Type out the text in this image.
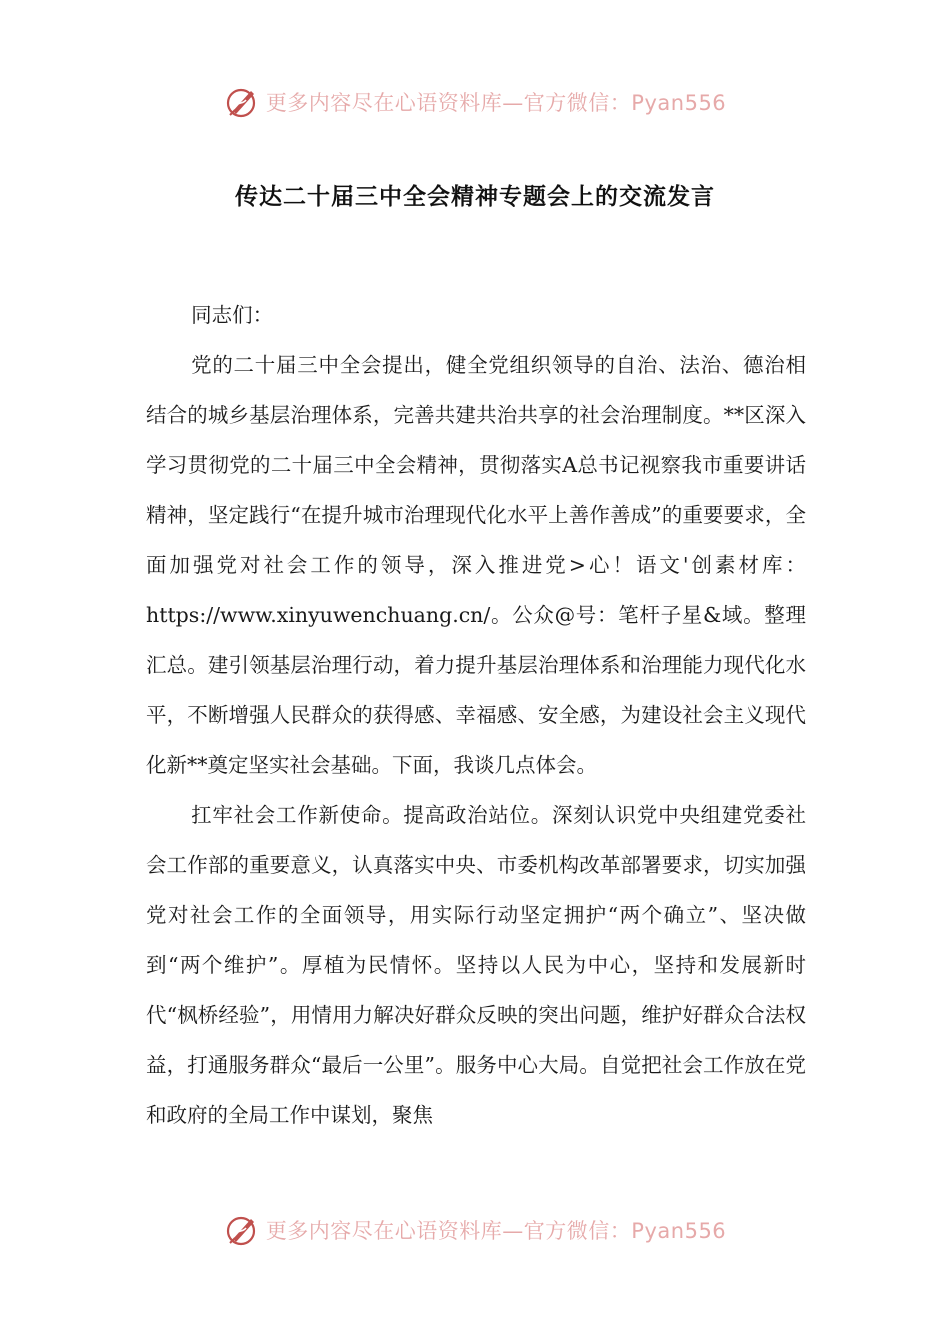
更多内容尽在心语资料库—官方微信：Pyan556
传达二十届三中全会精神专题会上的交流发言

同志们：

党的二十届三中全会提出，健全党组织领导的自治、法治、德治相结合的城乡基层治理体系，完善共建共治共享的社会治理制度。**区深入学习贯彻党的二十届三中全会精神，贯彻落实A总书记视察我市重要讲话精神，坚定践行“在提升城市治理现代化水平上善作善成”的重要要求，全面加强党对社会工作的领导，深入推进党>心！语文'创素材库：https://www.xinyuwenchuang.cn/。公众@号：笔杆子星&域。整理汇总。建引领基层治理行动，着力提升基层治理体系和治理能力现代化水平，不断增强人民群众的获得感、幸福感、安全感，为建设社会主义现代化新**奠定坚实社会基础。下面，我谈几点体会。

扛牢社会工作新使命。提高政治站位。深刻认识党中央组建党委社会工作部的重要意义，认真落实中央、市委机构改革部署要求，切实加强党对社会工作的全面领导，用实际行动坚定拥护“两个确立”、坚决做到“两个维护”。厚植为民情怀。坚持以人民为中心，坚持和发展新时代“枫桥经验”，用情用力解决好群众反映的突出问题，维护好群众合法权益，打通服务群众“最后一公里”。服务中心大局。自觉把社会工作放在党和政府的全局工作中谋划，聚焦

更多内容尽在心语资料库—官方微信：Pyan556
